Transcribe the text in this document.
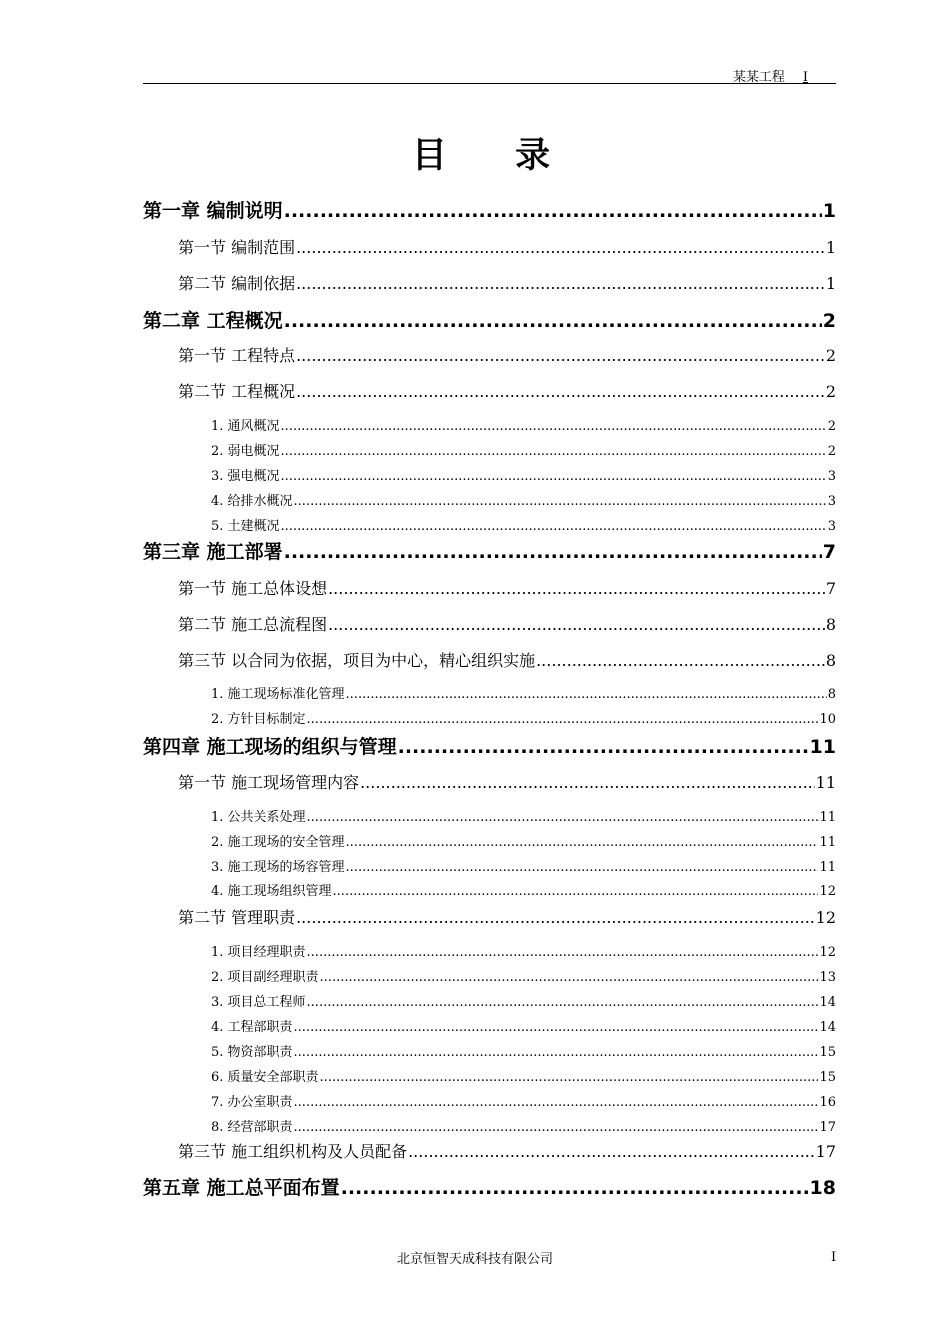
某某工程 I
目 录
第一章 编制说明 .....	1
第一节 编制范围 .....	1
第二节 编制依据 .....	1
第二章 工程概况 .....	2
第一节 工程特点 .....	2
第二节 工程概况 .....	2
1. 通风概况 .....	2
2. 弱电概况 .....	2
3. 强电概况 .....	3
4. 给排水概况 .....	3
5. 土建概况 .....	3
第三章 施工部署 .....	7
第一节 施工总体设想 .....	7
第二节 施工总流程图 .....	8
第三节 以合同为依据，项目为中心，精心组织实施 .....	8
1. 施工现场标准化管理 .....	8
2. 方针目标制定 .....	10
第四章 施工现场的组织与管理 .....	11
第一节 施工现场管理内容 .....	11
1. 公共关系处理 .....	11
2. 施工现场的安全管理 .....	11
3. 施工现场的场容管理 .....	11
4. 施工现场组织管理 .....	12
第二节 管理职责 .....	12
1. 项目经理职责 .....	12
2. 项目副经理职责 .....	13
3. 项目总工程师 .....	14
4. 工程部职责 .....	14
5. 物资部职责 .....	15
6. 质量安全部职责 .....	15
7. 办公室职责 .....	16
8. 经营部职责 .....	17
第三节 施工组织机构及人员配备 .....	17
第五章 施工总平面布置 .....	18
北京恒智天成科技有限公司	I
